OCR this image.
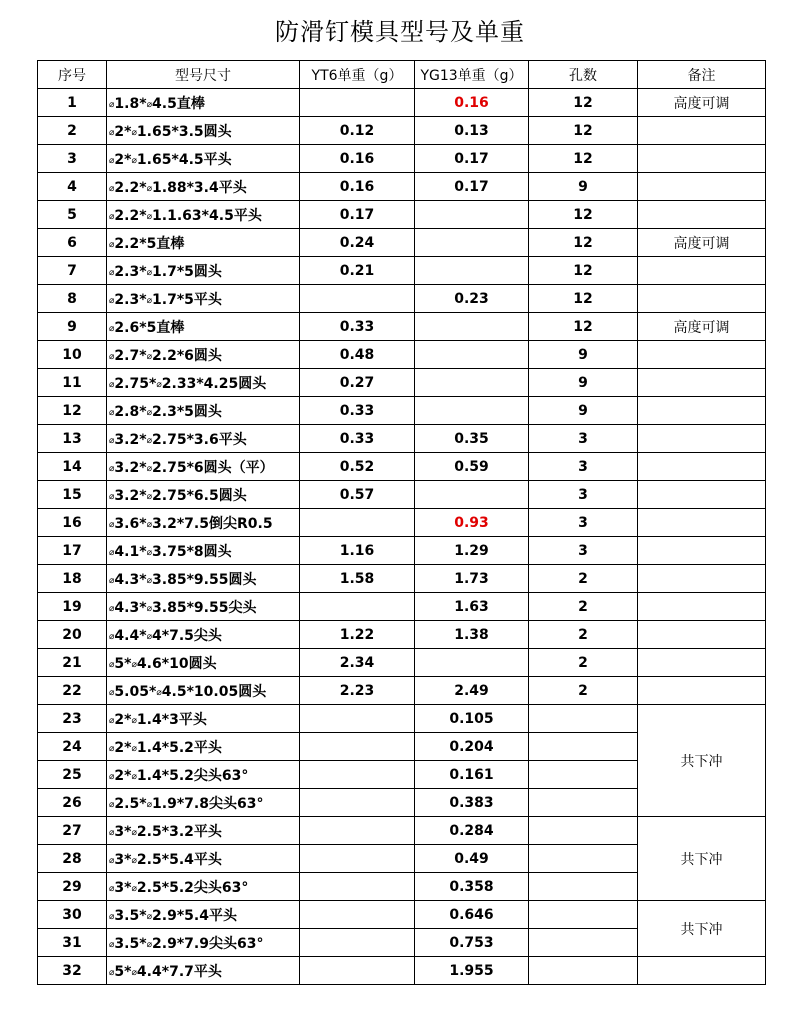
防滑钉模具型号及单重
序号	型号尺寸	YT6单重（g）	YG13单重（g）	孔数	备注
1	⌀1.8*⌀4.5直棒		0.16	12	高度可调
2	⌀2*⌀1.65*3.5圆头	0.12	0.13	12	
3	⌀2*⌀1.65*4.5平头	0.16	0.17	12	
4	⌀2.2*⌀1.88*3.4平头	0.16	0.17	9	
5	⌀2.2*⌀1.1.63*4.5平头	0.17		12	
6	⌀2.2*5直棒	0.24		12	高度可调
7	⌀2.3*⌀1.7*5圆头	0.21		12	
8	⌀2.3*⌀1.7*5平头		0.23	12	
9	⌀2.6*5直棒	0.33		12	高度可调
10	⌀2.7*⌀2.2*6圆头	0.48		9	
11	⌀2.75*⌀2.33*4.25圆头	0.27		9	
12	⌀2.8*⌀2.3*5圆头	0.33		9	
13	⌀3.2*⌀2.75*3.6平头	0.33	0.35	3	
14	⌀3.2*⌀2.75*6圆头（平）	0.52	0.59	3	
15	⌀3.2*⌀2.75*6.5圆头	0.57		3	
16	⌀3.6*⌀3.2*7.5倒尖R0.5		0.93	3	
17	⌀4.1*⌀3.75*8圆头	1.16	1.29	3	
18	⌀4.3*⌀3.85*9.55圆头	1.58	1.73	2	
19	⌀4.3*⌀3.85*9.55尖头		1.63	2	
20	⌀4.4*⌀4*7.5尖头	1.22	1.38	2	
21	⌀5*⌀4.6*10圆头	2.34		2	
22	⌀5.05*⌀4.5*10.05圆头	2.23	2.49	2	
23	⌀2*⌀1.4*3平头		0.105		共下冲
24	⌀2*⌀1.4*5.2平头		0.204		
25	⌀2*⌀1.4*5.2尖头63°		0.161		
26	⌀2.5*⌀1.9*7.8尖头63°		0.383		
27	⌀3*⌀2.5*3.2平头		0.284		共下冲
28	⌀3*⌀2.5*5.4平头		0.49		
29	⌀3*⌀2.5*5.2尖头63°		0.358		
30	⌀3.5*⌀2.9*5.4平头		0.646		共下冲
31	⌀3.5*⌀2.9*7.9尖头63°		0.753		
32	⌀5*⌀4.4*7.7平头		1.955		
